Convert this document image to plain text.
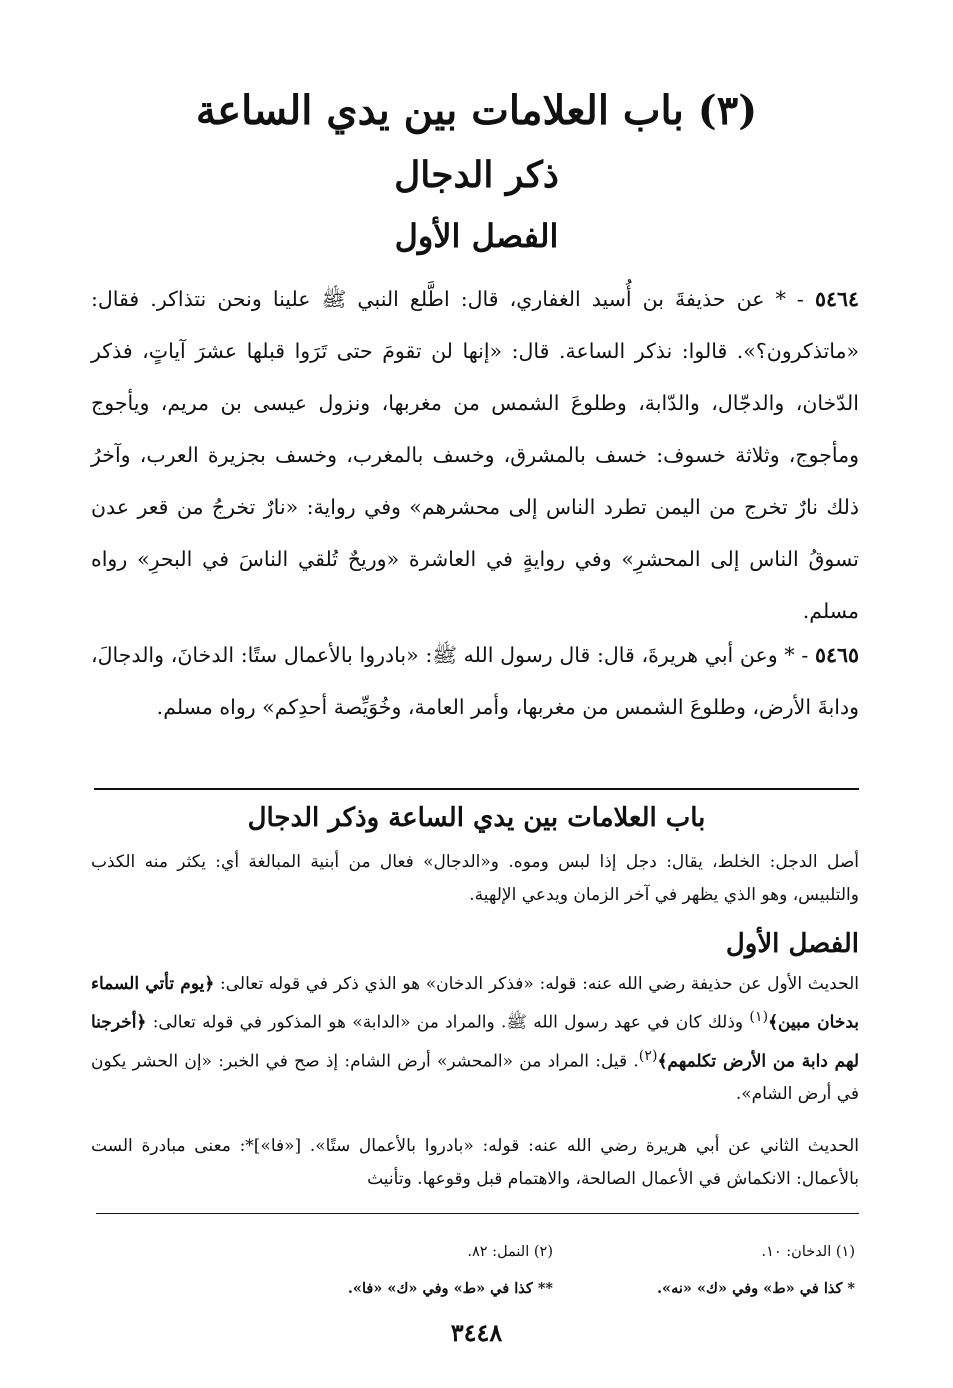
(٣) باب العلامات بين يدي الساعة
ذكر الدجال
الفصل الأول
٥٤٦٤ - * عن حذيفةَ بن أُسيد الغفاري، قال: اطَّلع النبي ﷺ علينا ونحن نتذاكر. فقال: «ماتذكرون؟». قالوا: نذكر الساعة. قال: «إنها لن تقومَ حتى تَرَوا قبلها عشرَ آياتٍ، فذكر الدّخان، والدجّال، والدّابة، وطلوعَ الشمس من مغربها، ونزول عيسى بن مريم، ويأجوج ومأجوج، وثلاثة خسوف: خسف بالمشرق، وخسف بالمغرب، وخسف بجزيرة العرب، وآخرُ ذلك نارٌ تخرج من اليمن تطرد الناس إلى محشرهم» وفي رواية: «نارٌ تخرجُ من قعر عدن تسوقُ الناس إلى المحشرِ» وفي روايةٍ في العاشرة «وريحٌ تُلقي الناسَ في البحرِ» رواه مسلم.
٥٤٦٥ - * وعن أبي هريرةَ، قال: قال رسول الله ﷺ: «بادروا بالأعمال ستًا: الدخانَ، والدجالَ، ودابةَ الأرض، وطلوعَ الشمس من مغربها، وأمر العامة، وخُوَيِّصة أحدِكم» رواه مسلم.
باب العلامات بين يدي الساعة وذكر الدجال
أصل الدجل: الخلط، يقال: دجل إذا لبس وموه. و«الدجال» فعال من أبنية المبالغة أي: يكثر منه الكذب والتلبيس، وهو الذي يظهر في آخر الزمان ويدعي الإلهية.
الفصل الأول
الحديث الأول عن حذيفة رضي الله عنه: قوله: «فذكر الدخان» هو الذي ذكر في قوله تعالى: ﴿يوم تأتي السماء بدخان مبين﴾$^{(١)}$ وذلك كان في عهد رسول الله ﷺ. والمراد من «الدابة» هو المذكور في قوله تعالى: ﴿أخرجنا لهم دابة من الأرض تكلمهم﴾$^{(٢)}$. قيل: المراد من «المحشر» أرض الشام: إذ صح في الخبر: «إن الحشر يكون في أرض الشام».
الحديث الثاني عن أبي هريرة رضي الله عنه: قوله: «بادروا بالأعمال ستًا». [«فا»]*: معنى مبادرة الست بالأعمال: الانكماش في الأعمال الصالحة، والاهتمام قبل وقوعها. وتأنيث
(١) الدخان: ١٠.
(٢) النمل: ٨٢.
* كذا في «ط» وفي «ك» «نه».
** كذا في «ط» وفي «ك» «فا».
٣٤٤٨
